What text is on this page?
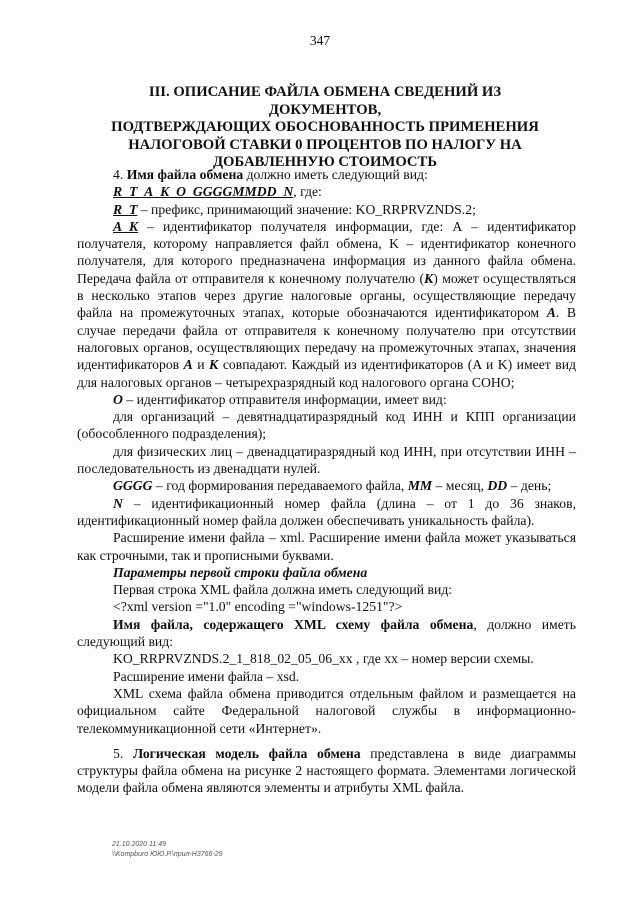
347
III. ОПИСАНИЕ ФАЙЛА ОБМЕНА СВЕДЕНИЙ ИЗ ДОКУМЕНТОВ,
ПОДТВЕРЖДАЮЩИХ ОБОСНОВАННОСТЬ ПРИМЕНЕНИЯ
НАЛОГОВОЙ СТАВКИ 0 ПРОЦЕНТОВ ПО НАЛОГУ НА
ДОБАВЛЕННУЮ СТОИМОСТЬ

4. Имя файла обмена должно иметь следующий вид:

R_T_A_K_O_GGGGMMDD_N, где:

R_T – префикс, принимающий значение: KO_RRPRVZNDS.2;

A_K – идентификатор получателя информации, где: А – идентификатор получателя, которому направляется файл обмена, K – идентификатор конечного получателя, для которого предназначена информация из данного файла обмена. Передача файла от отправителя к конечному получателю (К) может осуществляться в несколько этапов через другие налоговые органы, осуществляющие передачу файла на промежуточных этапах, которые обозначаются идентификатором А. В случае передачи файла от отправителя к конечному получателю при отсутствии налоговых органов, осуществляющих передачу на промежуточных этапах, значения идентификаторов А и К совпадают. Каждый из идентификаторов (A и K) имеет вид для налоговых органов – четырехразрядный код налогового органа СОНО;

О – идентификатор отправителя информации, имеет вид:

для организаций – девятнадцатиразрядный код ИНН и КПП организации (обособленного подразделения);

для физических лиц – двенадцатиразрядный код ИНН, при отсутствии ИНН – последовательность из двенадцати нулей.

GGGG – год формирования передаваемого файла, MM – месяц, DD – день;

N – идентификационный номер файла (длина – от 1 до 36 знаков, идентификационный номер файла должен обеспечивать уникальность файла).

Расширение имени файла – xml. Расширение имени файла может указываться как строчными, так и прописными буквами.

Параметры первой строки файла обмена

Первая строка XML файла должна иметь следующий вид:

<?xml version ="1.0" encoding ="windows-1251"?>

Имя файла, содержащего XML схему файла обмена, должно иметь следующий вид:

KO_RRPRVZNDS.2_1_818_02_05_06_xx , где хх – номер версии схемы.

Расширение имени файла – xsd.

XML схема файла обмена приводится отдельным файлом и размещается на официальном сайте Федеральной налоговой службы в информационно-телекоммуникационной сети «Интернет».

5. Логическая модель файла обмена представлена в виде диаграммы структуры файла обмена на рисунке 2 настоящего формата. Элементами логической модели файла обмена являются элементы и атрибуты XML файла.

21.10.2020 11:49
\\Kompburo ЮЮ.Р.\прил-Н3766-29
